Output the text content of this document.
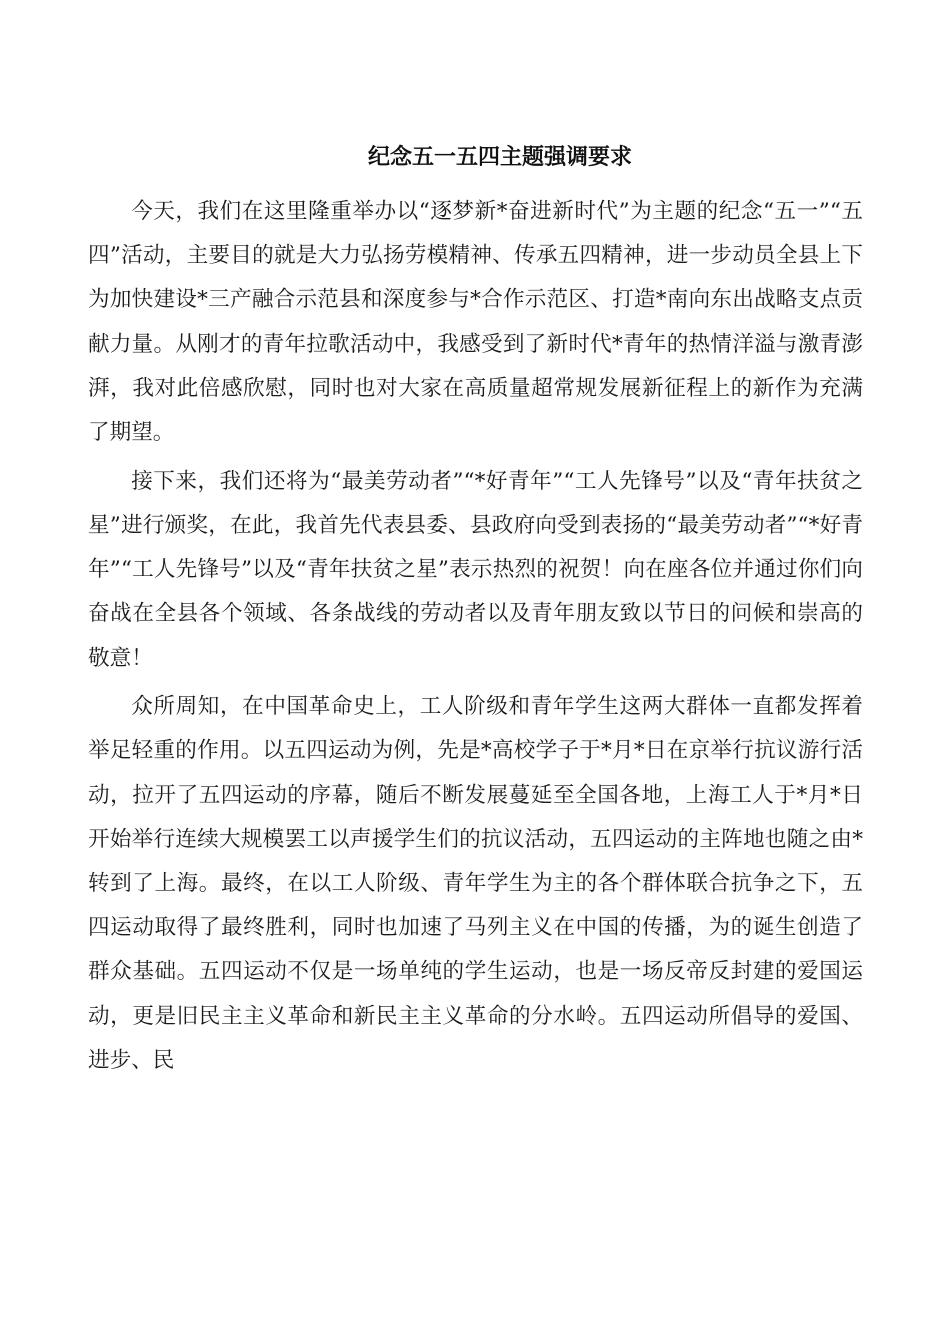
纪念五一五四主题强调要求

今天，我们在这里隆重举办以“逐梦新*奋进新时代”为主题的纪念“五一”“五四”活动，主要目的就是大力弘扬劳模精神、传承五四精神，进一步动员全县上下为加快建设*三产融合示范县和深度参与*合作示范区、打造*南向东出战略支点贡献力量。从刚才的青年拉歌活动中，我感受到了新时代*青年的热情洋溢与激青澎湃，我对此倍感欣慰，同时也对大家在高质量超常规发展新征程上的新作为充满了期望。

接下来，我们还将为“最美劳动者”“*好青年”“工人先锋号”以及“青年扶贫之星”进行颁奖，在此，我首先代表县委、县政府向受到表扬的“最美劳动者”“*好青年”“工人先锋号”以及“青年扶贫之星”表示热烈的祝贺！向在座各位并通过你们向奋战在全县各个领域、各条战线的劳动者以及青年朋友致以节日的问候和崇高的敬意！

众所周知，在中国革命史上，工人阶级和青年学生这两大群体一直都发挥着举足轻重的作用。以五四运动为例，先是*高校学子于*月*日在京举行抗议游行活动，拉开了五四运动的序幕，随后不断发展蔓延至全国各地，上海工人于*月*日开始举行连续大规模罢工以声援学生们的抗议活动，五四运动的主阵地也随之由*转到了上海。最终，在以工人阶级、青年学生为主的各个群体联合抗争之下，五四运动取得了最终胜利，同时也加速了马列主义在中国的传播，为的诞生创造了群众基础。五四运动不仅是一场单纯的学生运动，也是一场反帝反封建的爱国运动，更是旧民主主义革命和新民主主义革命的分水岭。五四运动所倡导的爱国、进步、民
